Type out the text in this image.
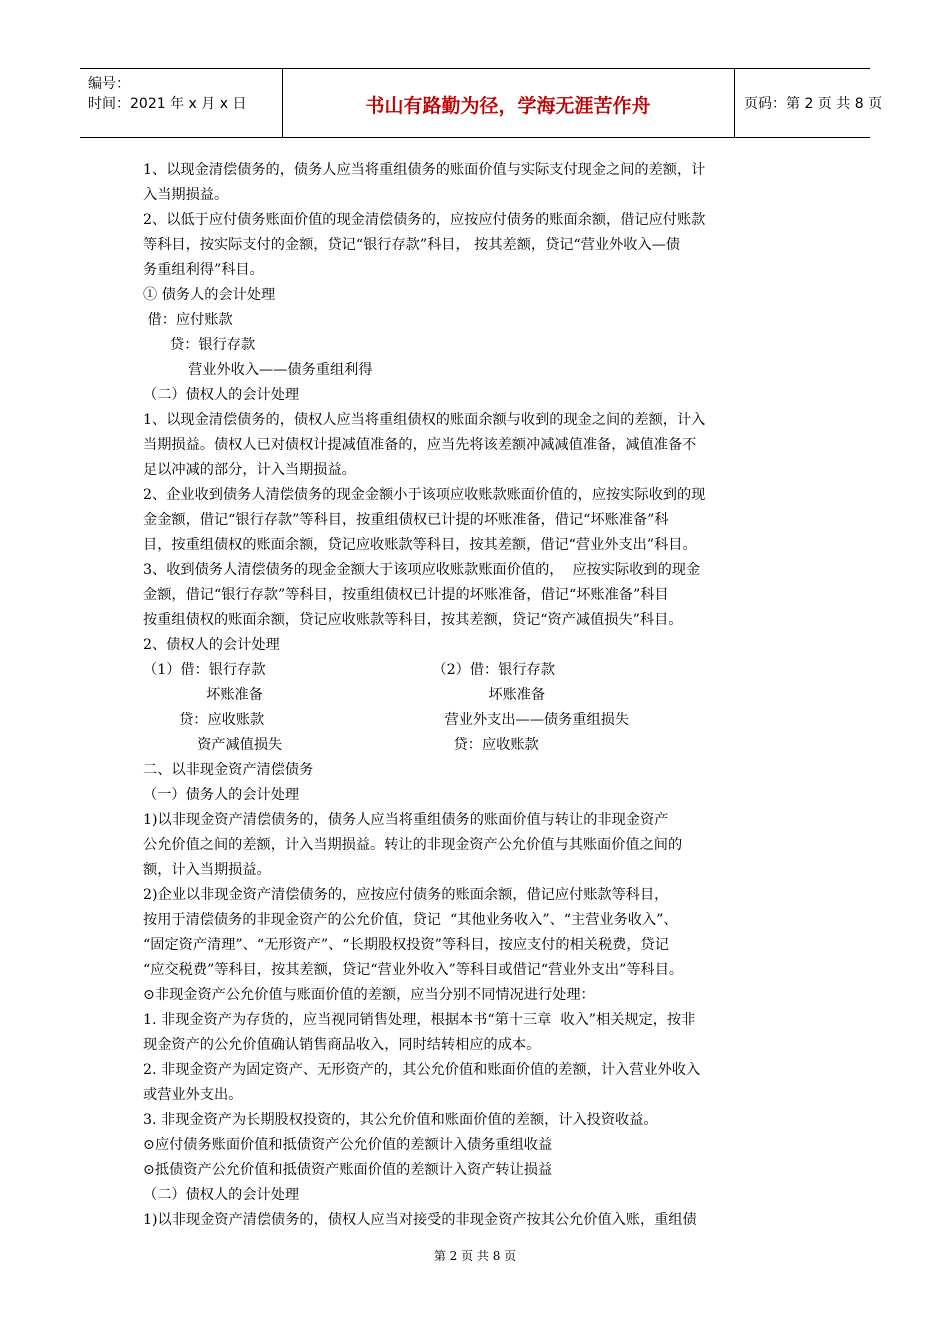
编号：
时间：2021 年 x 月 x 日	书山有路勤为径，学海无涯苦作舟	页码：第 2 页 共 8 页

1、以现金清偿债务的，债务人应当将重组债务的账面价值与实际支付现金之间的差额，计

入当期损益。

2、以低于应付债务账面价值的现金清偿债务的，应按应付债务的账面余额，借记应付账款

等科目，按实际支付的金额，贷记“银行存款”科目， 按其差额，贷记“营业外收入—债

务重组利得”科目。

① 债务人的会计处理

借：应付账款

贷：银行存款

营业外收入——债务重组利得

（二）债权人的会计处理

1、以现金清偿债务的，债权人应当将重组债权的账面余额与收到的现金之间的差额，计入

当期损益。债权人已对债权计提减值准备的，应当先将该差额冲减减值准备，减值准备不

足以冲减的部分，计入当期损益。

2、企业收到债务人清偿债务的现金金额小于该项应收账款账面价值的，应按实际收到的现

金金额，借记“银行存款”等科目，按重组债权已计提的坏账准备，借记“坏账准备”科

目，按重组债权的账面余额，贷记应收账款等科目，按其差额，借记“营业外支出”科目。

3、收到债务人清偿债务的现金金额大于该项应收账款账面价值的，  应按实际收到的现金

金额，借记“银行存款”等科目，按重组债权已计提的坏账准备，借记“坏账准备”科目

按重组债权的账面余额，贷记应收账款等科目，按其差额，贷记“资产减值损失”科目。

2、债权人的会计处理

（1）借：银行存款                                     （2）借：银行存款

坏账准备                                                  坏账准备

贷：应收账款                                        营业外支出——债务重组损失

资产减值损失                                      贷：应收账款

二、以非现金资产清偿债务

（一）债务人的会计处理

1)以非现金资产清偿债务的，债务人应当将重组债务的账面价值与转让的非现金资产

公允价值之间的差额，计入当期损益。转让的非现金资产公允价值与其账面价值之间的

额，计入当期损益。

2)企业以非现金资产清偿债务的，应按应付债务的账面余额，借记应付账款等科目，

按用于清偿债务的非现金资产的公允价值，贷记  “其他业务收入”、“主营业务收入”、

“固定资产清理”、“无形资产”、“长期股权投资”等科目，按应支付的相关税费，贷记

“应交税费”等科目，按其差额，贷记“营业外收入”等科目或借记“营业外支出”等科目。

⊙非现金资产公允价值与账面价值的差额，应当分别不同情况进行处理：

1. 非现金资产为存货的，应当视同销售处理，根据本书“第十三章  收入”相关规定，按非

现金资产的公允价值确认销售商品收入，同时结转相应的成本。

2. 非现金资产为固定资产、无形资产的，其公允价值和账面价值的差额，计入营业外收入

或营业外支出。

3. 非现金资产为长期股权投资的，其公允价值和账面价值的差额，计入投资收益。

⊙应付债务账面价值和抵债资产公允价值的差额计入债务重组收益

⊙抵债资产公允价值和抵债资产账面价值的差额计入资产转让损益

（二）债权人的会计处理

1)以非现金资产清偿债务的，债权人应当对接受的非现金资产按其公允价值入账，重组债

第 2 页 共 8 页
